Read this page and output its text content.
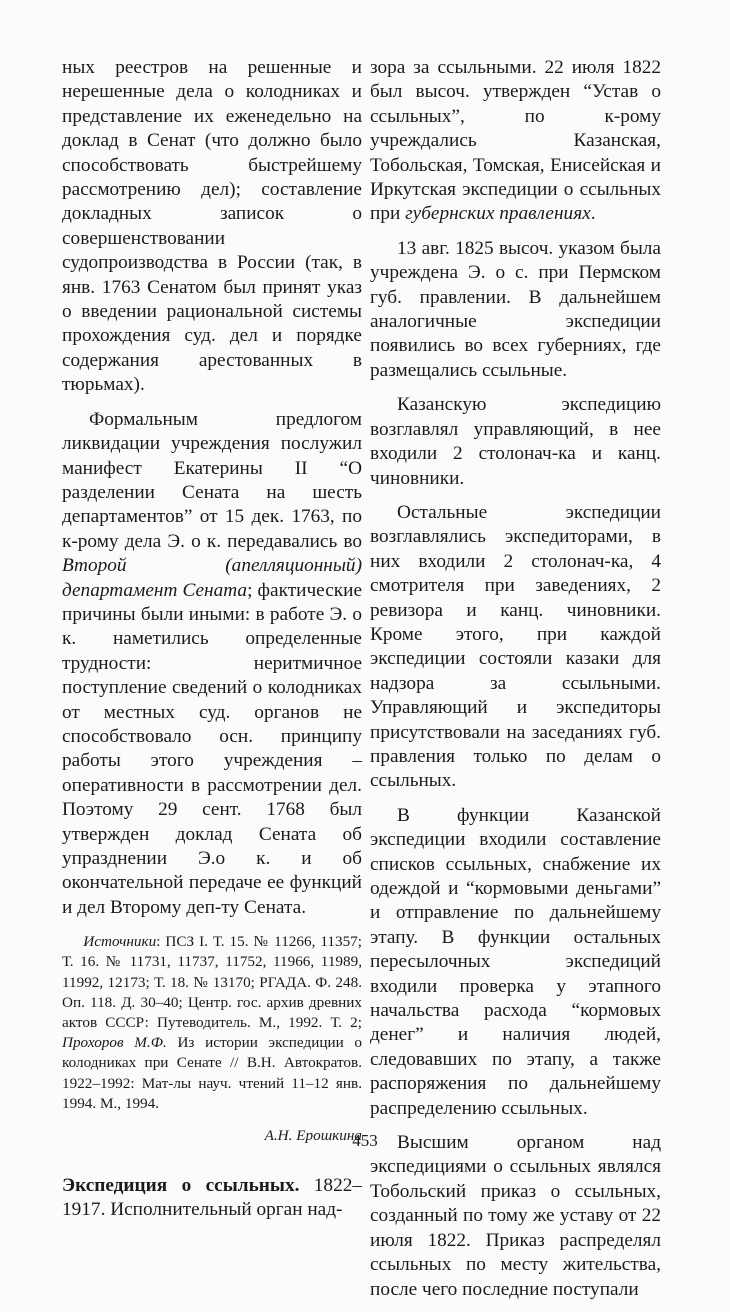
ных реестров на решенные и нерешенные дела о колодниках и представление их еженедельно на доклад в Сенат (что должно было способствовать быстрейшему рассмотрению дел); составление докладных записок о совершенствовании судопроизводства в России (так, в янв. 1763 Сенатом был принят указ о введении рациональной системы прохождения суд. дел и порядке содержания арестованных в тюрьмах).

Формальным предлогом ликвидации учреждения послужил манифест Екатерины II “О разделении Сената на шесть департаментов” от 15 дек. 1763, по к-рому дела Э. о к. передавались во Второй (апелляционный) департамент Сената; фактические причины были иными: в работе Э. о к. наметились определенные трудности: неритмичное поступление сведений о колодниках от местных суд. органов не способствовало осн. принципу работы этого учреждения – оперативности в рассмотрении дел. Поэтому 29 сент. 1768 был утвержден доклад Сената об упразднении Э.о к. и об окончательной передаче ее функций и дел Второму деп-ту Сената.

Источники: ПСЗ I. Т. 15. № 11266, 11357; Т. 16. № 11731, 11737, 11752, 11966, 11989, 11992, 12173; Т. 18. № 13170; РГАДА. Ф. 248. Оп. 118. Д. 30–40; Центр. гос. архив древних актов СССР: Путеводитель. М., 1992. Т. 2; Прохоров М.Ф. Из истории экспедиции о колодниках при Сенате // В.Н. Автократов. 1922–1992: Мат-лы науч. чтений 11–12 янв. 1994. М., 1994.

А.Н. Ерошкина

Экспедиция о ссыльных. 1822–1917. Исполнительный орган над-

зора за ссыльными. 22 июля 1822 был высоч. утвержден “Устав о ссыльных”, по к-рому учреждались Казанская, Тобольская, Томская, Енисейская и Иркутская экспедиции о ссыльных при губернских правлениях.

13 авг. 1825 высоч. указом была учреждена Э. о с. при Пермском губ. правлении. В дальнейшем аналогичные экспедиции появились во всех губерниях, где размещались ссыльные.

Казанскую экспедицию возглавлял управляющий, в нее входили 2 столонач-ка и канц. чиновники.

Остальные экспедиции возглавлялись экспедиторами, в них входили 2 столонач-ка, 4 смотрителя при заведениях, 2 ревизора и канц. чиновники. Кроме этого, при каждой экспедиции состояли казаки для надзора за ссыльными. Управляющий и экспедиторы присутствовали на заседаниях губ. правления только по делам о ссыльных.

В функции Казанской экспедиции входили составление списков ссыльных, снабжение их одеждой и “кормовыми деньгами” и отправление по дальнейшему этапу. В функции остальных пересылочных экспедиций входили проверка у этапного начальства расхода “кормовых денег” и наличия людей, следовавших по этапу, а также распоряжения по дальнейшему распределению ссыльных.

Высшим органом над экспедициями о ссыльных являлся Тобольский приказ о ссыльных, созданный по тому же уставу от 22 июля 1822. Приказ распределял ссыльных по месту жительства, после чего последние поступали

453
